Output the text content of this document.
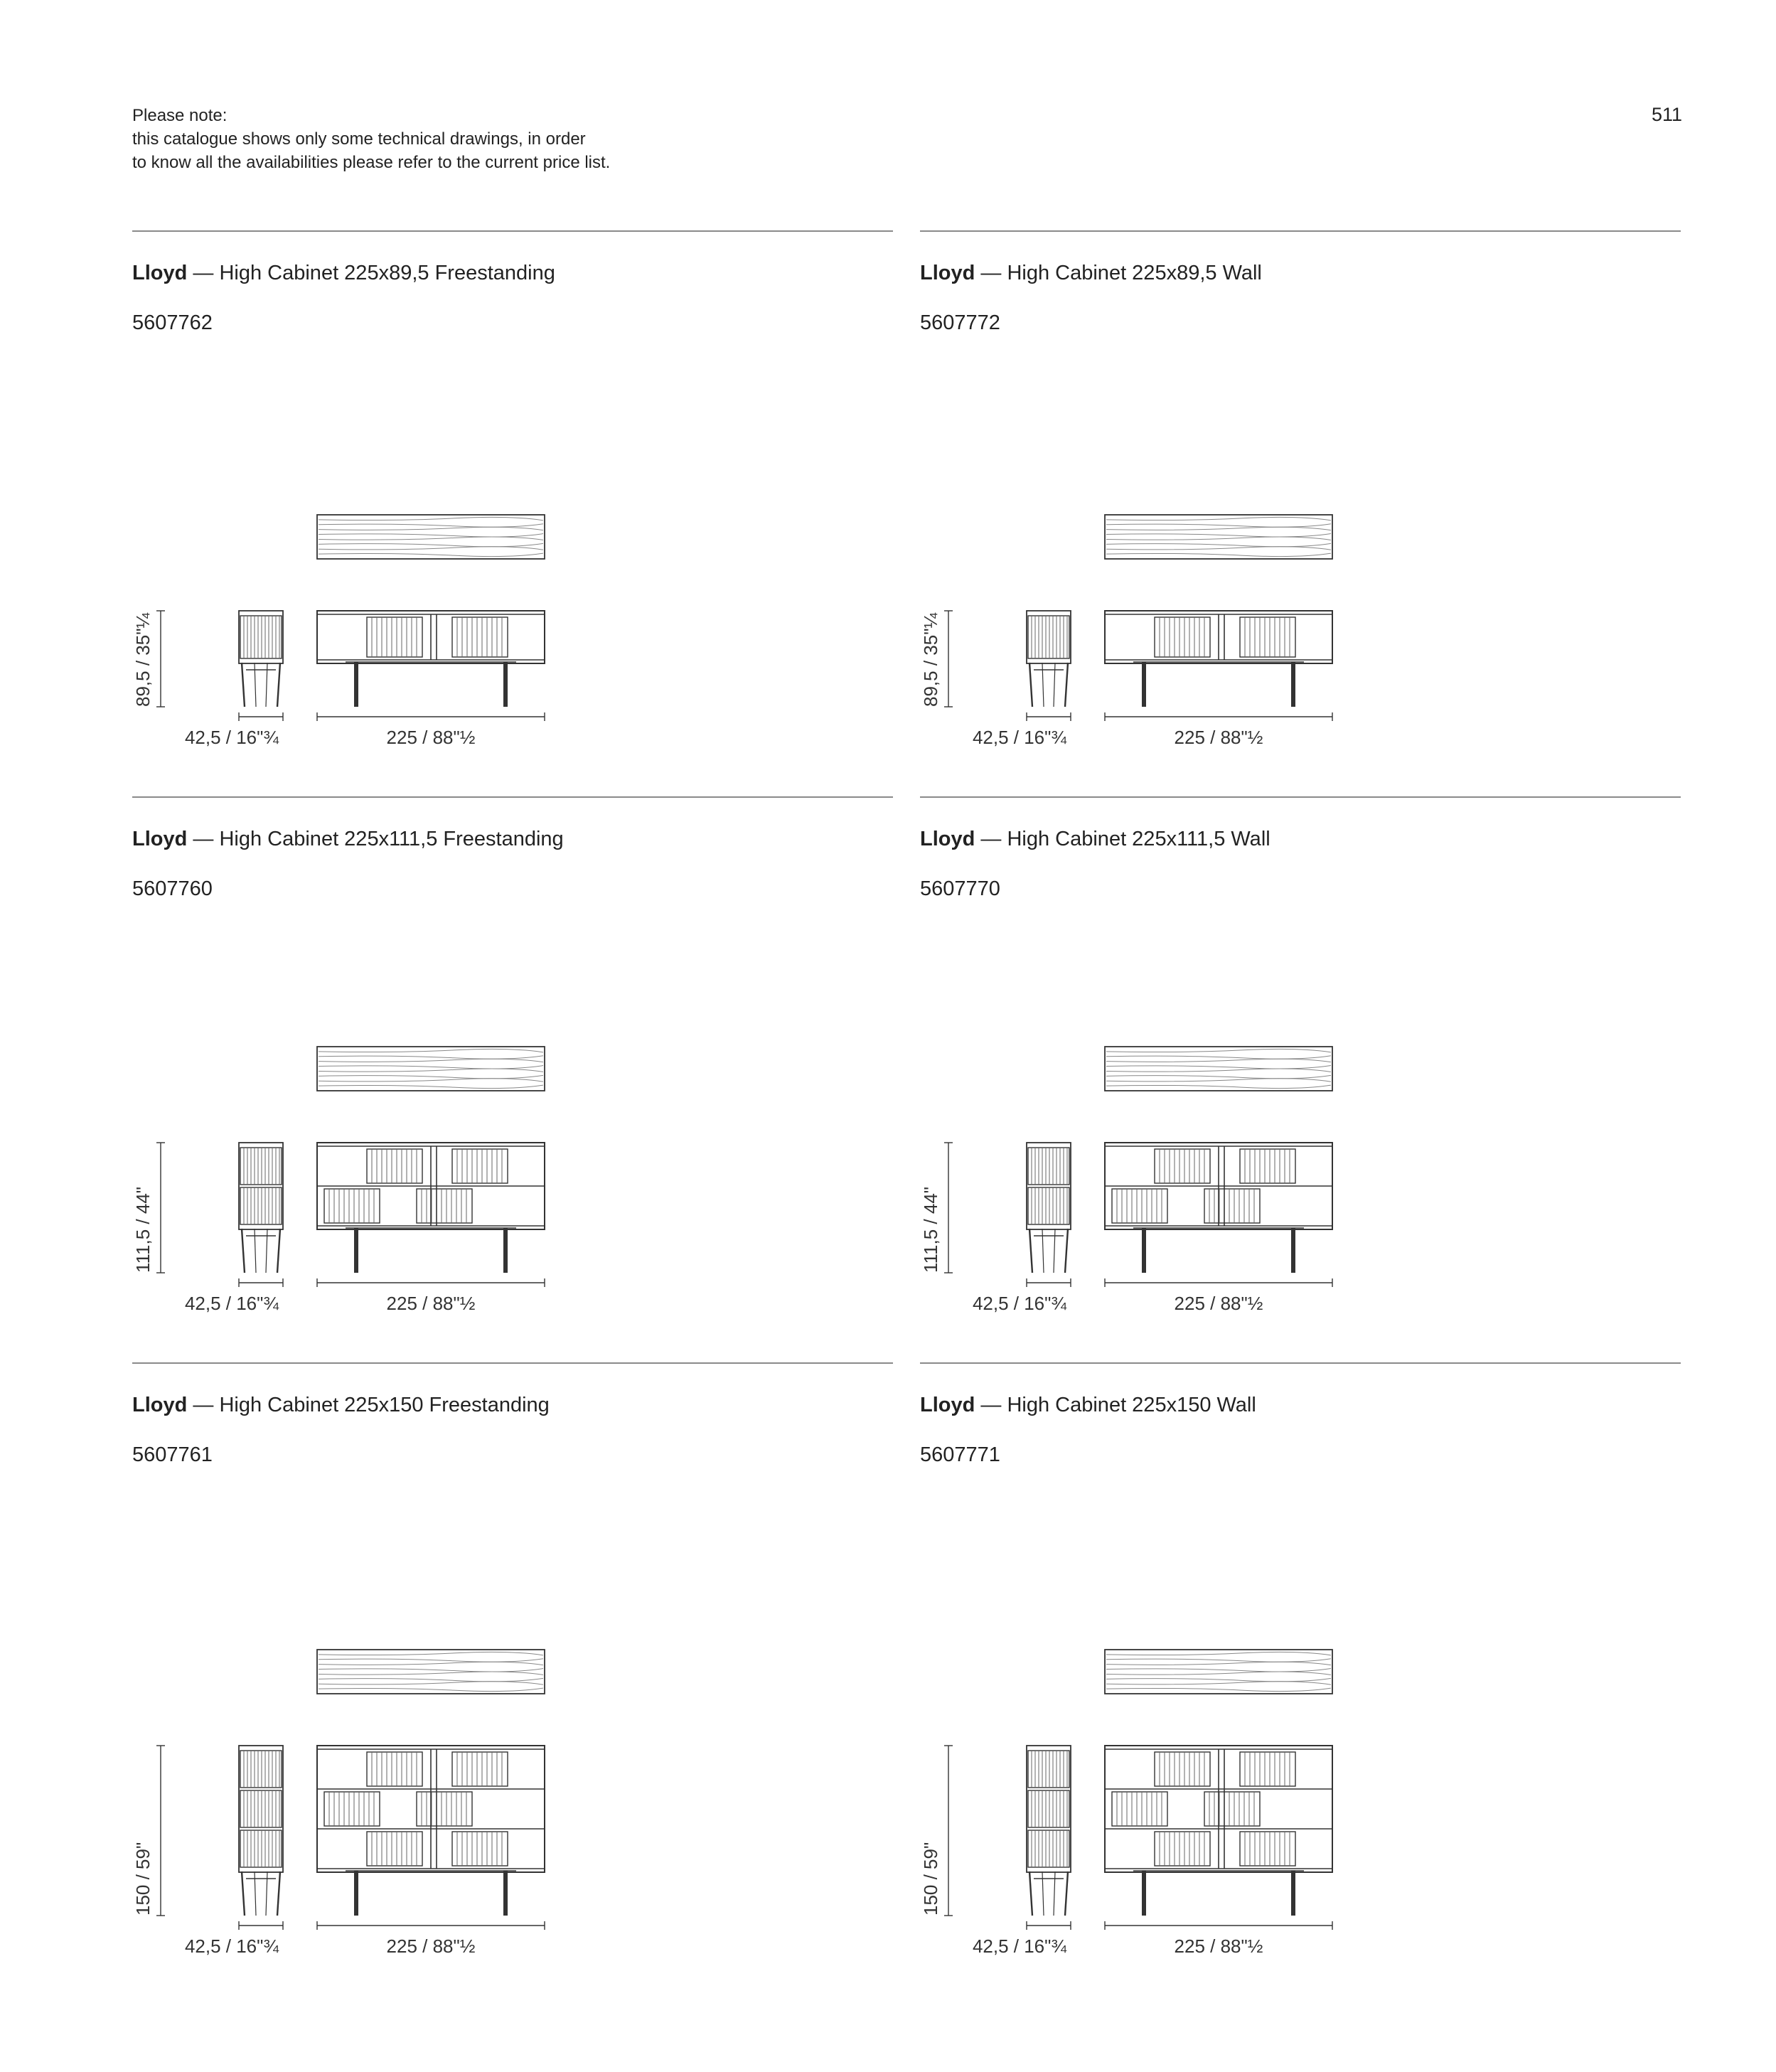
Please note:
this catalogue shows only some technical drawings, in order
to know all the availabilities please refer to the current price list.
511
Lloyd — High Cabinet 225x89,5 Freestanding
5607762
89,5 / 35"¼
42,5 / 16"¾	225 / 88"½
Lloyd — High Cabinet 225x89,5 Wall
5607772
89,5 / 35"¼
42,5 / 16"¾	225 / 88"½
Lloyd — High Cabinet 225x111,5 Freestanding
5607760
111,5 / 44"
42,5 / 16"¾	225 / 88"½
Lloyd — High Cabinet 225x111,5 Wall
5607770
111,5 / 44"
42,5 / 16"¾	225 / 88"½
Lloyd — High Cabinet 225x150 Freestanding
5607761
150 / 59"
42,5 / 16"¾	225 / 88"½
Lloyd — High Cabinet 225x150 Wall
5607771
150 / 59"
42,5 / 16"¾	225 / 88"½
